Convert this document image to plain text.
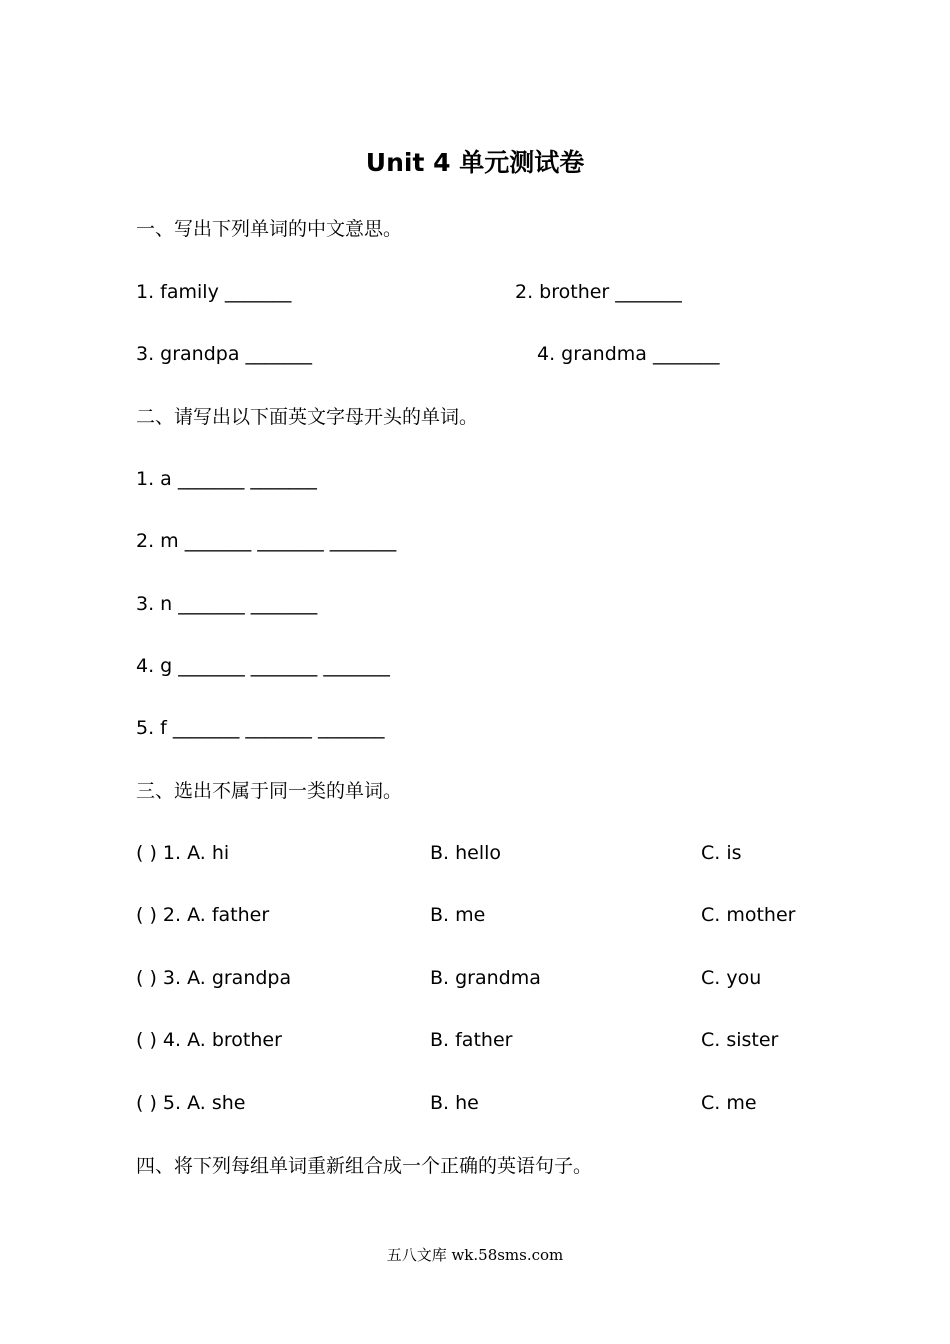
Unit 4 单元测试卷
一、写出下列单词的中文意思。
1. family _______	2. brother _______
3. grandpa _______	4. grandma _______
二、请写出以下面英文字母开头的单词。
1. a _______ _______
2. m _______ _______ _______
3. n _______ _______
4. g _______ _______ _______
5. f _______ _______ _______
三、选出不属于同一类的单词。
( ) 1. A. hi	B. hello	C. is
( ) 2. A. father	B. me	C. mother
( ) 3. A. grandpa	B. grandma	C. you
( ) 4. A. brother	B. father	C. sister
( ) 5. A. she	B. he	C. me
四、将下列每组单词重新组合成一个正确的英语句子。
五八文库 wk.58sms.com
